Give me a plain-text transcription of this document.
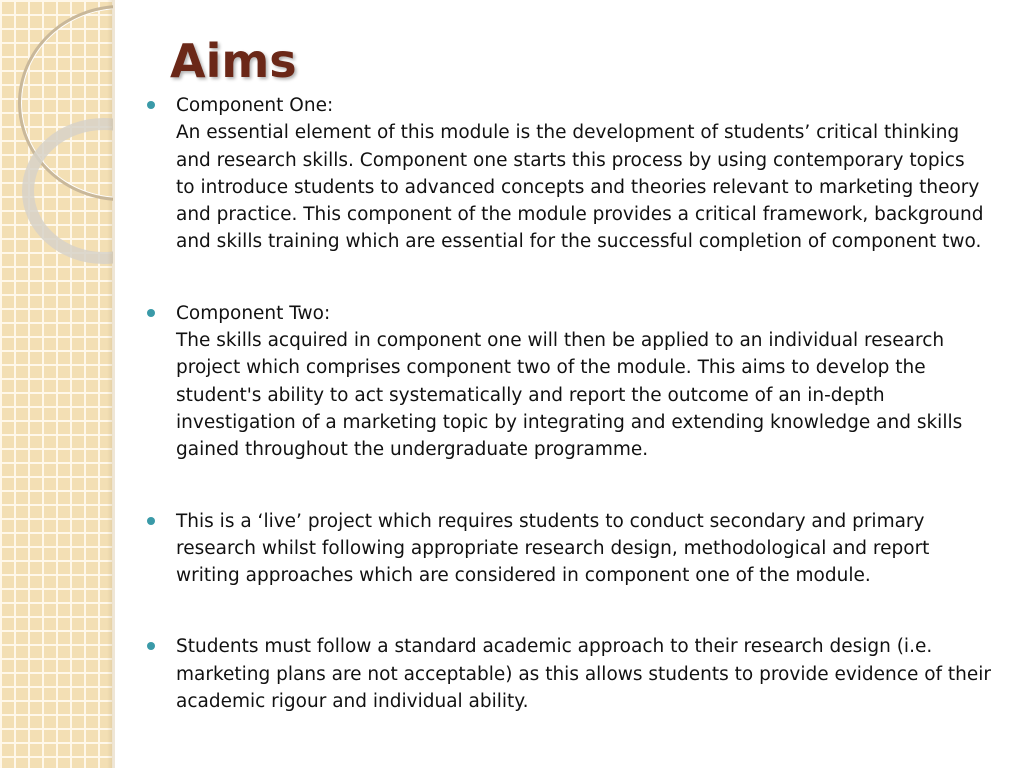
Aims
Component One:
An essential element of this module is the development of students’ critical thinking
and research skills. Component one starts this process by using contemporary topics
to introduce students to advanced concepts and theories relevant to marketing theory
and practice. This component of the module provides a critical framework, background
and skills training which are essential for the successful completion of component two.
Component Two:
The skills acquired in component one will then be applied to an individual research
project which comprises component two of the module. This aims to develop the
student's ability to act systematically and report the outcome of an in-depth
investigation of a marketing topic by integrating and extending knowledge and skills
gained throughout the undergraduate programme.
This is a ‘live’ project which requires students to conduct secondary and primary
research whilst following appropriate research design, methodological and report
writing approaches which are considered in component one of the module.
Students must follow a standard academic approach to their research design (i.e.
marketing plans are not acceptable) as this allows students to provide evidence of their
academic rigour and individual ability.
